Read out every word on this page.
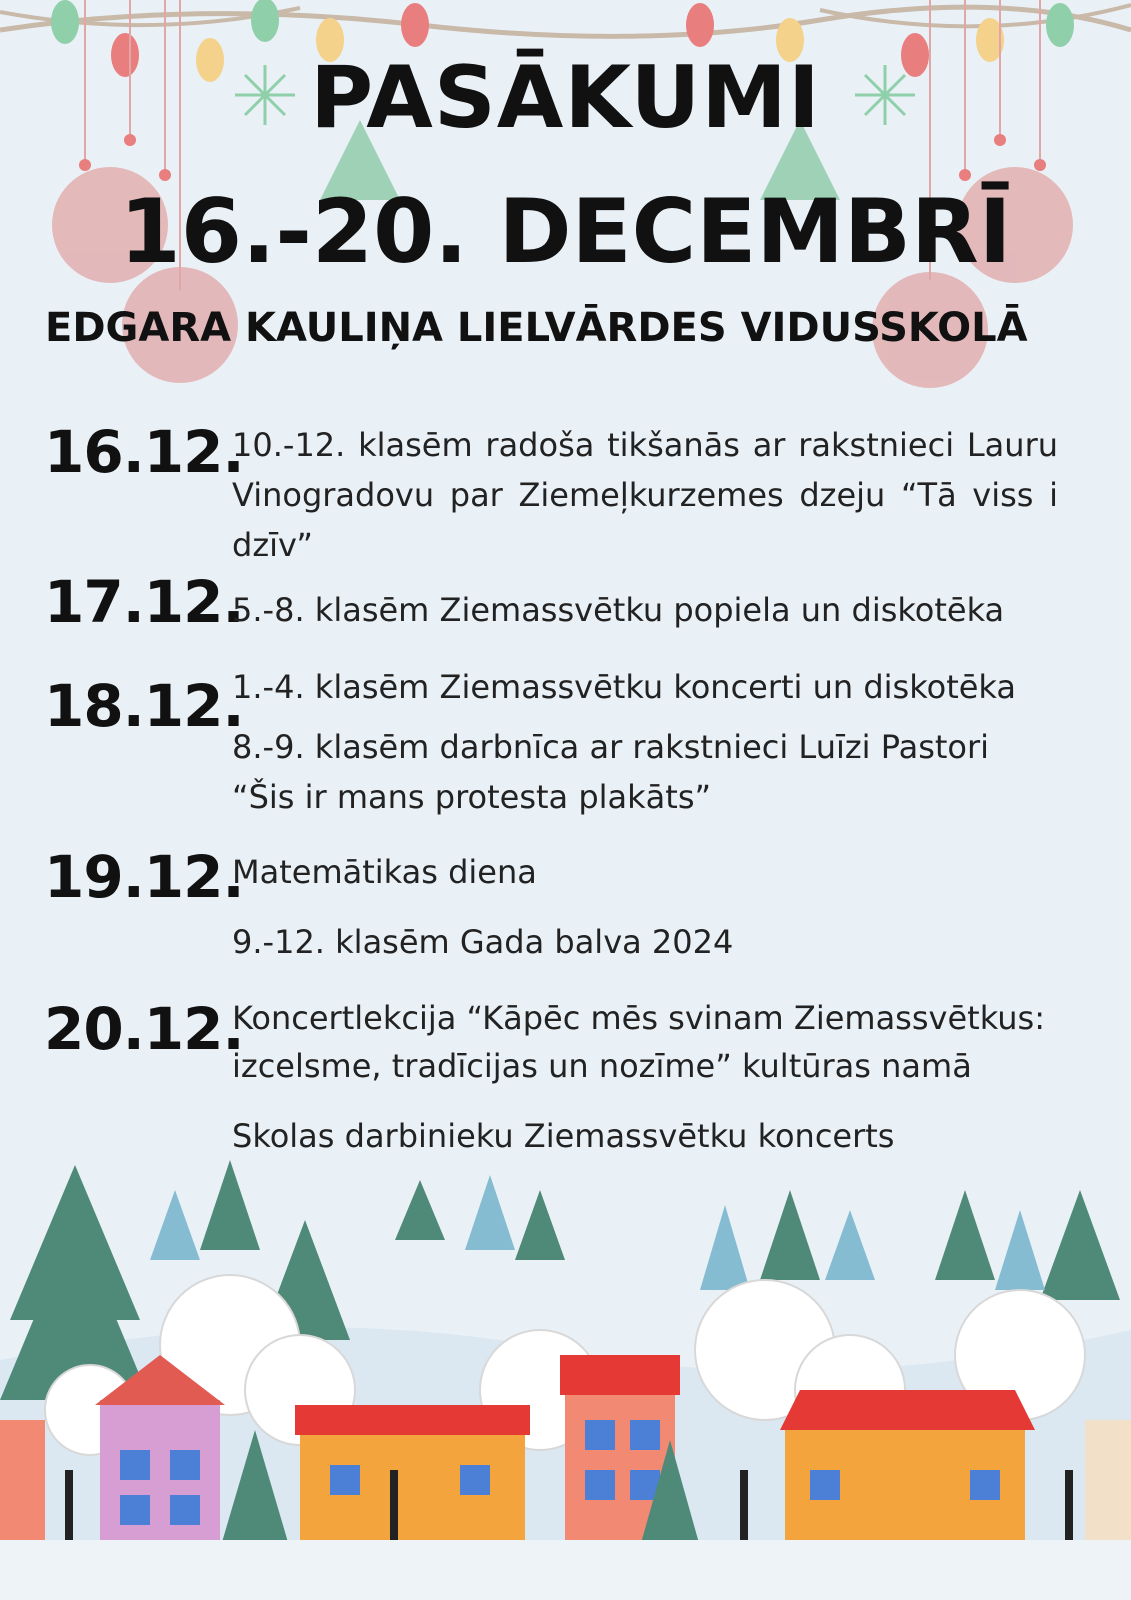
PASĀKUMI
16.-20. DECEMBRĪ
EDGARA KAULIŅA LIELVĀRDES VIDUSSKOLĀ
16.12.
10.-12. klasēm radoša tikšanās ar rakstnieci Lauru Vinogradovu par Ziemeļkurzemes dzeju “Tā viss i dzīv”
17.12.
5.-8. klasēm Ziemassvētku popiela un diskotēka
18.12.
1.-4. klasēm Ziemassvētku koncerti un diskotēka
8.-9. klasēm darbnīca ar rakstnieci Luīzi Pastori
“Šis ir mans protesta plakāts”
19.12.
Matemātikas diena
9.-12. klasēm Gada balva 2024
20.12.
Koncertlekcija “Kāpēc mēs svinam Ziemassvētkus:
izcelsme, tradīcijas un nozīme” kultūras namā
Skolas darbinieku Ziemassvētku koncerts
